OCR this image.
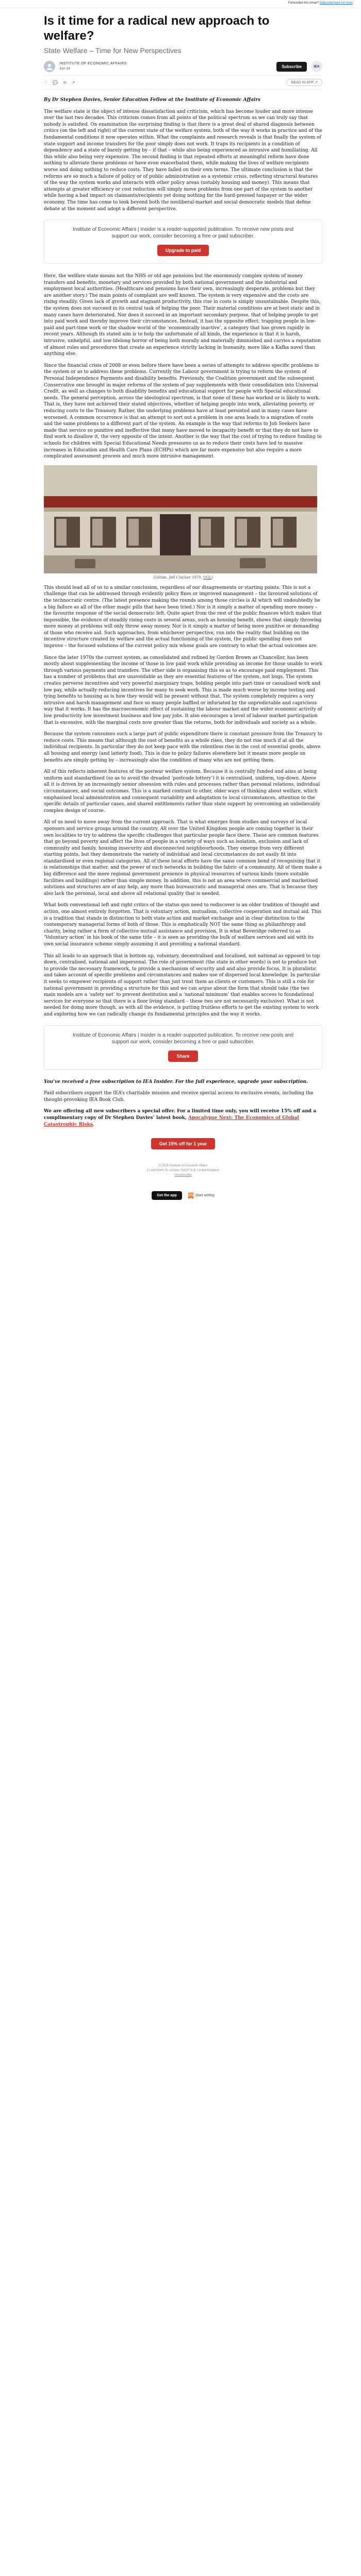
Forwarded this email? Subscribe here for more
Is it time for a radical new approach to welfare?
State Welfare – Time for New Perspectives
INSTITUTE OF ECONOMIC AFFAIRS
Jun 14	Subscribe	IEA
♡ 💬 ⟲ ↗	READ IN APP ↗
By Dr Stephen Davies, Senior Education Fellow at the Institute of Economic Affairs

The welfare state is the object of intense dissatisfaction and criticism, which has become louder and more intense over the last two decades. This criticism comes from all points of the political spectrum as we can truly say that nobody is satisfied. On examination the surprising finding is that there is a great deal of shared diagnosis between critics (on the left and right) of the current state of the welfare system, both of the way it works in practice and of the fundamental conditions it now operates within. What the complaints and research reveals is that finally the system of state support and income transfers for the poor simply does not work. It traps its recipients in a condition of dependency and a state of barely getting by – if that – while also being experienced as intrusive and humiliating. All this while also being very expensive. The second finding is that repeated efforts at meaningful reform have done nothing to alleviate these problems or have even exacerbated them, while making the lives of welfare recipients worse and doing nothing to reduce costs. They have failed on their own terms. The ultimate conclusion is that the reforms are so much a failure of policy or of public administration as a systemic crisis, reflecting structural features of the way the system works and interacts with other policy areas (notably housing and money). This means that attempts at greater efficiency or cost reduction will simply move problems from one part of the system to another while having a bad impact on claimants/recipients yet doing nothing for the hard-pressed taxpayer or the wider economy. The time has come to look beyond both the neoliberal-market and social democratic models that define debate at the moment and adopt a different perspective.

Institute of Economic Affairs | Insider is a reader-supported publication. To receive new posts and support our work, consider becoming a free or paid subscriber.
Upgrade to paid

Here, the welfare state means not the NHS or old age pensions but the enormously complex system of money transfers and benefits, monetary and services provided by both national government and the industrial and employment local authorities. (Healthcare and pensions have their own, increasingly desperate, problems but they are another story.) The main points of complaint are well known. The system is very expensive and the costs are rising steadily. Given lack of growth and stagnant productivity, this rise in costs is simply unsustainable. Despite this, the system does not succeed in its central task of helping the poor. Their material conditions are at best static and in many cases have deteriorated. Nor does it succeed in an important secondary purpose, that of helping people to get into paid work and thereby improve their circumstances. Instead, it has the opposite effect, trapping people in low-paid and part-time work or the shadow world of the ‘economically inactive’, a category that has grown rapidly in recent years. Although its stated aim is to help the unfortunate of all kinds, the experience is that it is harsh, intrusive, unhelpful, and low-lifelong horror of being both morally and materially diminished and carries a reputation of almost rules and procedures that create an experience strictly lacking in humanity, more like a Kafka novel than anything else.

Since the financial crisis of 2008 or even before there have been a series of attempts to address specific problems in the system or as to address these problems. Currently the Labour government is trying to reform the system of Personal Independence Payments and disability benefits. Previously, the Coalition government and the subsequent Conservative one brought in major reforms of the system of pay supplements with their consolidation into Universal Credit, as well as changes to both disability benefits and educational support for people with Special educational needs. The general perception, across the ideological spectrum, is that none of these has worked or is likely to work. That is, they have not achieved their stated objectives, whether of helping people into work, alleviating poverty, or reducing costs to the Treasury. Rather, the underlying problems have at least persisted and in many cases have worsened. A common occurrence is that an attempt to sort out a problem in one area leads to a migration of costs and the same problems to a different part of the system. An example is the way that reforms to Job Seekers have made that service so punitive and ineffective that many have moved to incapacity benefit or that they do not have to find work to disallow it, the very opposite of the intent. Another is the way that the cost of trying to reduce funding to schools for children with Special Educational Needs pressures us as to reduce their costs have led to massive increases in Education and Health Care Plans (ECHPs) which are far more expensive but also require a more complicated assessment process and much more intrusive management.

(Gillian, Jeff Clucher 1970, OGL)

This should lead all of us to a similar conclusion, regardless of our disagreements or starting points. This is not a challenge that can be addressed through evidently policy fixes or improved management – the favoured solutions of the technocratic centre. (The latest presence making the rounds among those circles is AI which will undoubtedly be a big failure as all of the other magic pills that have been tried.) Nor is it simply a matter of spending more money – the favourite response of the social democratic left. Quite apart from the rest of the public finances which makes that impossible, the evidence of steadily rising costs in several areas, such as housing benefit, shows that simply throwing more money at problems will only throw away money. Nor is it simply a matter of being more punitive or demanding of those who receive aid. Such approaches, from whichever perspective, run into the reality that building on the incentive structure created by welfare and the actual functioning of the system, the public spending does not improve – the focused solutions of the current policy mix whose goals are contrary to what the actual outcomes are.

Since the later 1970s the current system, as consolidated and refined by Gordon Brown as Chancellor, has been mostly about supplementing the income of those in low paid work while providing an income for those unable to work through various payments and transfers. The other side is organising this so as to encourage paid employment. This has a number of problems that are unavoidable as they are essential features of the system, not bugs. The system creates perverse incentives and very powerful marginary traps, holding people into part-time or casualised work and low pay, while actually reducing incentives for many to seek work. This is made much worse by income testing and tying benefits to housing as is how they would will be present without that. The system completely requires a very intrusive and harsh management and face so many people baffled or infuriated by the unpredictable and capricious way that it works. It has the macroeconomic effect of sustaining the labour market and the wider economic activity of low productivity low investment business and low pay jobs. It also encourages a level of labour market participation that is excessive, with the marginal costs now greater than the returns, both for individuals and society as a whole.

Because the system consumes such a large part of public expenditure there is constant pressure from the Treasury to reduce costs. This means that although the cost of benefits as a whole rises, they do not rise much if at all the individual recipients. In particular they do not keep pace with the relentless rise in the cost of essential goods, above all housing and energy (and latterly food). This is due to policy failures elsewhere but it means more people on benefits are simply getting by – increasingly also the condition of many who are not getting them.

All of this reflects inherent features of the postwar welfare system. Because it is centrally funded and aims at being uniform and standardised (so as to avoid the dreaded ‘postcode lottery’) it is centralised, uniform, top-down. Above all it is driven by an increasingly senior obsession with rules and processes rather than personal relations, individual circumstances, and social outcomes. This is a marked contrast to other, older ways of thinking about welfare, which emphasised local administration and consequent variability and adaptation to local circumstances, attention to the specific details of particular cases, and shared entitlements rather than state support by overcoming an unbelievably complex design of course.

All of us need to move away from the current approach. That is what emerges from studies and surveys of local sponsors and service groups around the country. All over the United Kingdom people are coming together in their own localities to try to address the specific challenges that particular people face there. These are common features that go beyond poverty and affect the lives of people in a variety of ways such as isolation, exclusion and lack of community and family, housing insecurity and disconnected neighbourhoods. They emerge from very different starting points, but they demonstrate the variety of individual and local circumstances do not easily fit into standardised or even regional categories. All of these local efforts have the same common bond of recognising that it is relationships that matter, and the power of such networks in building the fabric of a community. All of them make a big difference and the more regional government presence in physical resources of various kinds (more suitable facilities and buildings) rather than simple money. In addition, this is not an area where commercial and marketised solutions and structures are of any help, any more than bureaucratic and managerial ones are. That is because they also lack the personal, local and above all relational quality that is needed.

What both conventional left and right critics of the status quo need to rediscover is an older tradition of thought and action, one almost entirely forgotten. That is voluntary action, mutualism, collective cooperation and mutual aid. This is a tradition that stands in distinction to both state action and market exchange and in clear distinction to the contemporary managerial forms of both of those. This is emphatically NOT the same thing as philanthropy and charity, being rather a form of collective mutual assistance and provision. It is what Beveridge referred to as ‘Voluntary action’ in his book of the same title – it is seen as providing the bulk of welfare services and aid with its own social insurance scheme simply assuming it and providing a national standard.

This all leads to an approach that is bottom up, voluntary, decentralised and localised, not national as opposed to top down, centralised, national and impersonal. The role of government (the state in other words) is not to produce but to provide the necessary framework, to provide a mechanism of security and and also provide focus. It is pluralistic and takes account of specific problems and circumstances and makes use of dispersed local knowledge. In particular it seeks to empower recipients of support rather than just treat them as clients or customers. This is still a role for national government in providing a structure for this and we can argue about the form that should take (the two main models are a ‘safety net’ to prevent destitution and a ‘national minimum’ that enables access to foundational services for everyone so that there is a floor living standard – these two are not necessarily exclusive). What is not needed for doing more though, as with all the evidence, is putting fruitless efforts to get the existing system to work and exploring how we can radically change its fundamental principles and the way it works.

Institute of Economic Affairs | Insider is a reader-supported publication. To receive new posts and support our work, consider becoming a free or paid subscriber.
Share

You've received a free subscription to IEA Insider. For the full experience, upgrade your subscription.

Paid subscribers support the IEA’s charitable mission and receive special access to exclusive events, including the thought-provoking IEA Book Club.

We are offering all new subscribers a special offer. For a limited time only, you will receive 15% off and a complimentary copy of Dr Stephen Davies’ latest book, Apocalypse Next: The Economics of Global Catastrophic Risks.

Get 15% off for 1 year
© 2025 Institute of Economic Affairs
2 Lord North St, London SW1P 3LB, United Kingdom
Unsubscribe
Get the app	Start writing
